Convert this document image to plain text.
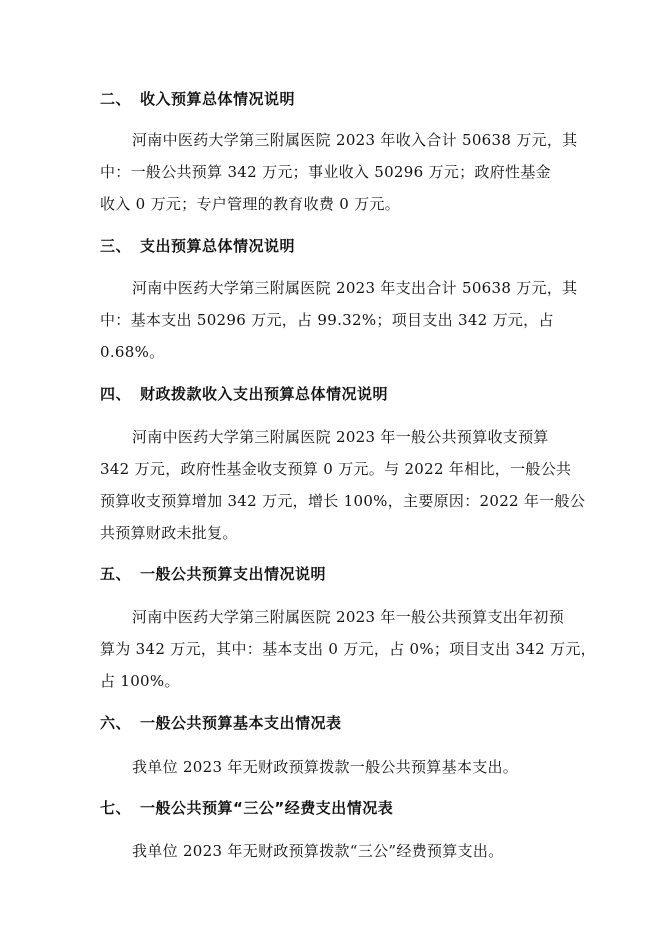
二、 收入预算总体情况说明
河南中医药大学第三附属医院 2023 年收入合计 50638 万元，其
中：一般公共预算 342 万元；事业收入 50296 万元；政府性基金
收入 0 万元；专户管理的教育收费 0 万元。
三、 支出预算总体情况说明
河南中医药大学第三附属医院 2023 年支出合计 50638 万元，其
中：基本支出 50296 万元，占 99.32%；项目支出 342 万元，占
0.68%。
四、 财政拨款收入支出预算总体情况说明
河南中医药大学第三附属医院 2023 年一般公共预算收支预算
342 万元，政府性基金收支预算 0 万元。与 2022 年相比，一般公共
预算收支预算增加 342 万元，增长 100%，主要原因：2022 年一般公
共预算财政未批复。
五、 一般公共预算支出情况说明
河南中医药大学第三附属医院 2023 年一般公共预算支出年初预
算为 342 万元，其中：基本支出 0 万元，占 0%；项目支出 342 万元，
占 100%。
六、 一般公共预算基本支出情况表
我单位 2023 年无财政预算拨款一般公共预算基本支出。
七、 一般公共预算“三公”经费支出情况表
我单位 2023 年无财政预算拨款“三公”经费预算支出。
